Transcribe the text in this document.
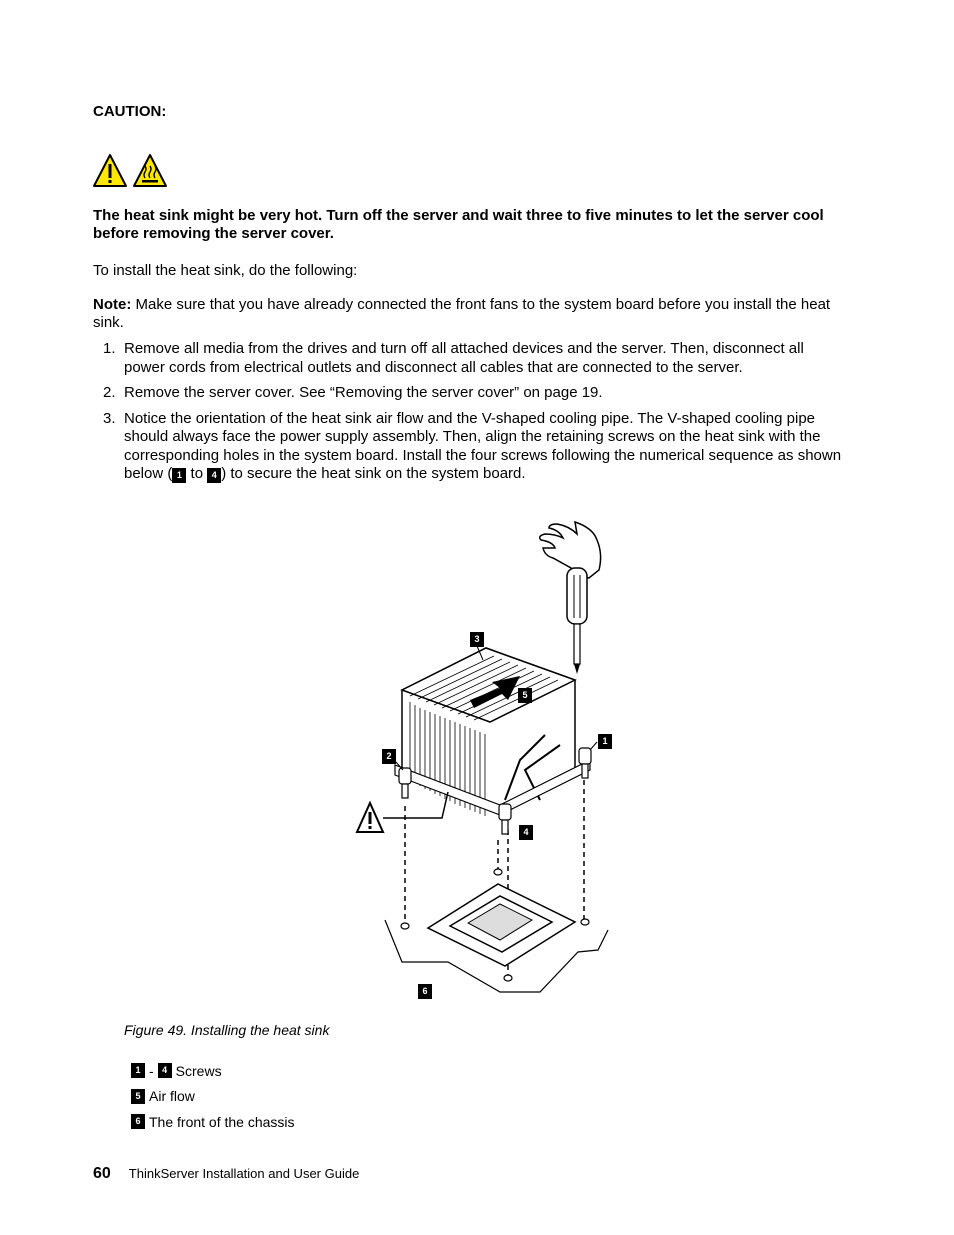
CAUTION:
The heat sink might be very hot. Turn off the server and wait three to five minutes to let the server cool before removing the server cover.
To install the heat sink, do the following:
Note: Make sure that you have already connected the front fans to the system board before you install the heat sink.
1. Remove all media from the drives and turn off all attached devices and the server. Then, disconnect all power cords from electrical outlets and disconnect all cables that are connected to the server.
2. Remove the server cover. See “Removing the server cover” on page 19.
3. Notice the orientation of the heat sink air flow and the V-shaped cooling pipe. The V-shaped cooling pipe should always face the power supply assembly. Then, align the retaining screws on the heat sink with the corresponding holes in the system board. Install the four screws following the numerical sequence as shown below ( 1 to 4 ) to secure the heat sink on the system board.
3
5
2
1
4
6
Figure 49. Installing the heat sink
1 - 4 Screws
5 Air flow
6 The front of the chassis
60 ThinkServer Installation and User Guide
